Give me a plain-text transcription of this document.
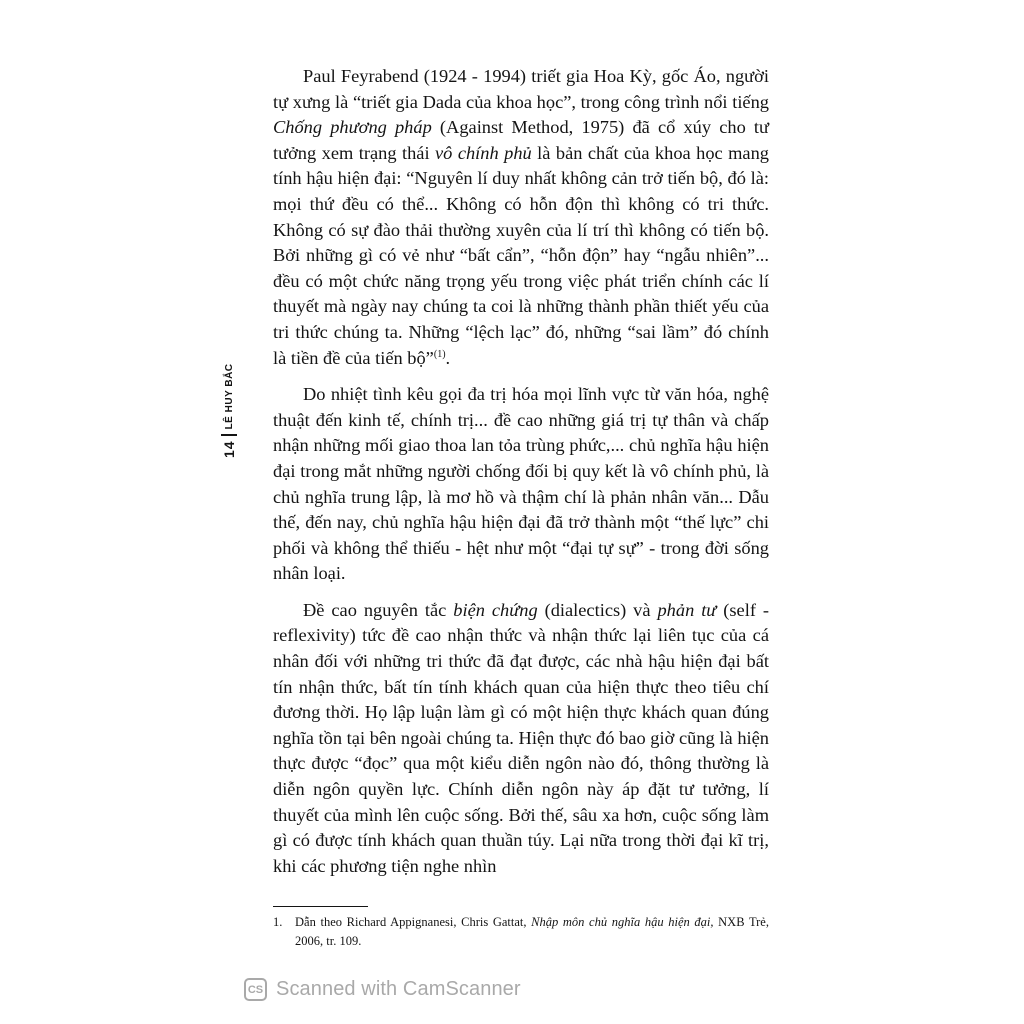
14
LÊ HUY BẮC

Paul Feyrabend (1924 - 1994) triết gia Hoa Kỳ, gốc Áo, người tự xưng là “triết gia Dada của khoa học”, trong công trình nổi tiếng Chống phương pháp (Against Method, 1975) đã cổ xúy cho tư tưởng xem trạng thái vô chính phủ là bản chất của khoa học mang tính hậu hiện đại: “Nguyên lí duy nhất không cản trở tiến bộ, đó là: mọi thứ đều có thể... Không có hỗn độn thì không có tri thức. Không có sự đào thải thường xuyên của lí trí thì không có tiến bộ. Bởi những gì có vẻ như “bất cẩn”, “hỗn độn” hay “ngẫu nhiên”... đều có một chức năng trọng yếu trong việc phát triển chính các lí thuyết mà ngày nay chúng ta coi là những thành phần thiết yếu của tri thức chúng ta. Những “lệch lạc” đó, những “sai lầm” đó chính là tiền đề của tiến bộ”$^{(1)}$.

Do nhiệt tình kêu gọi đa trị hóa mọi lĩnh vực từ văn hóa, nghệ thuật đến kinh tế, chính trị... đề cao những giá trị tự thân và chấp nhận những mối giao thoa lan tỏa trùng phức,... chủ nghĩa hậu hiện đại trong mắt những người chống đối bị quy kết là vô chính phủ, là chủ nghĩa trung lập, là mơ hồ và thậm chí là phản nhân văn... Dẫu thế, đến nay, chủ nghĩa hậu hiện đại đã trở thành một “thế lực” chi phối và không thể thiếu - hệt như một “đại tự sự” - trong đời sống nhân loại.

Đề cao nguyên tắc biện chứng (dialectics) và phản tư (self - reflexivity) tức đề cao nhận thức và nhận thức lại liên tục của cá nhân đối với những tri thức đã đạt được, các nhà hậu hiện đại bất tín nhận thức, bất tín tính khách quan của hiện thực theo tiêu chí đương thời. Họ lập luận làm gì có một hiện thực khách quan đúng nghĩa tồn tại bên ngoài chúng ta. Hiện thực đó bao giờ cũng là hiện thực được “đọc” qua một kiểu diễn ngôn nào đó, thông thường là diễn ngôn quyền lực. Chính diễn ngôn này áp đặt tư tưởng, lí thuyết của mình lên cuộc sống. Bởi thế, sâu xa hơn, cuộc sống làm gì có được tính khách quan thuần túy. Lại nữa trong thời đại kĩ trị, khi các phương tiện nghe nhìn

1.	Dẫn theo Richard Appignanesi, Chris Gattat, Nhập môn chủ nghĩa hậu hiện đại, NXB Trẻ, 2006, tr. 109.
CS Scanned with CamScanner
